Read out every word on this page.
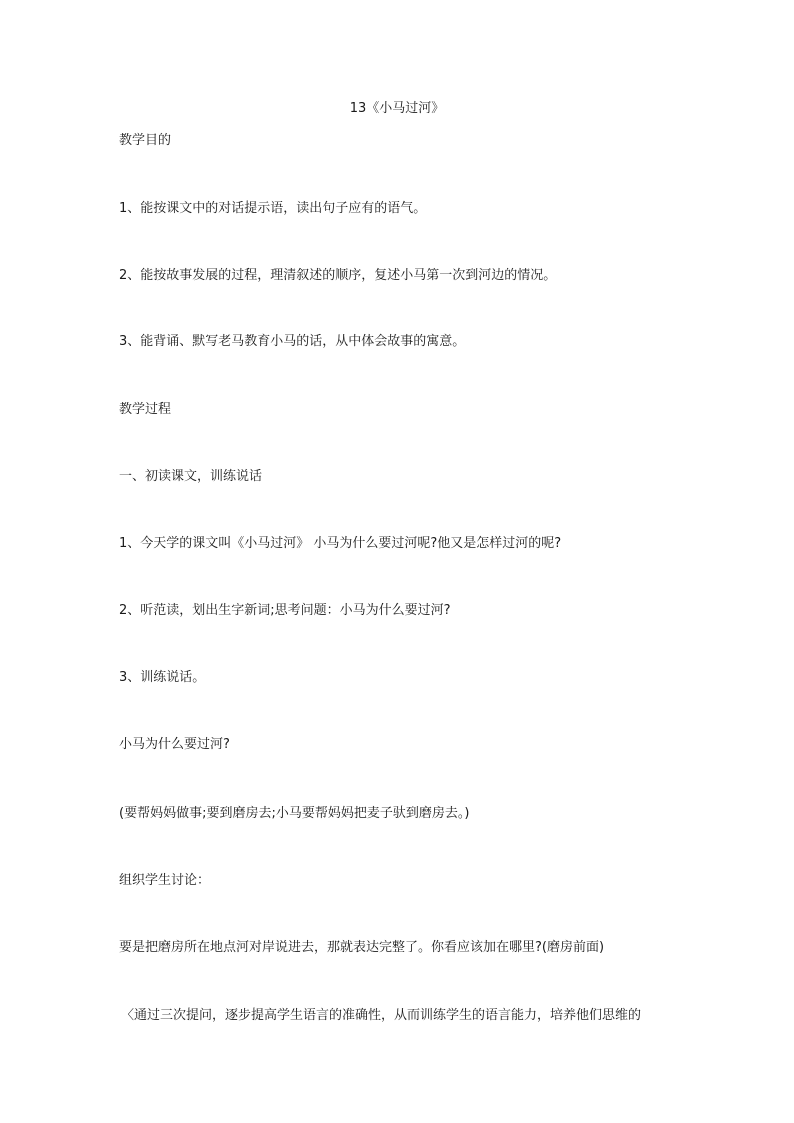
13《小马过河》
教学目的
1、能按课文中的对话提示语，读出句子应有的语气。
2、能按故事发展的过程，理清叙述的顺序，复述小马第一次到河边的情况。
3、能背诵、默写老马教育小马的话，从中体会故事的寓意。
教学过程
一、初读课文，训练说话
1、今天学的课文叫《小马过河》 小马为什么要过河呢?他又是怎样过河的呢?
2、听范读，划出生字新词;思考问题：小马为什么要过河?
3、训练说话。
小马为什么要过河?
(要帮妈妈做事;要到磨房去;小马要帮妈妈把麦子驮到磨房去。)
组织学生讨论：
要是把磨房所在地点河对岸说进去，那就表达完整了。你看应该加在哪里?(磨房前面)
〈通过三次提问，逐步提高学生语言的准确性，从而训练学生的语言能力，培养他们思维的
